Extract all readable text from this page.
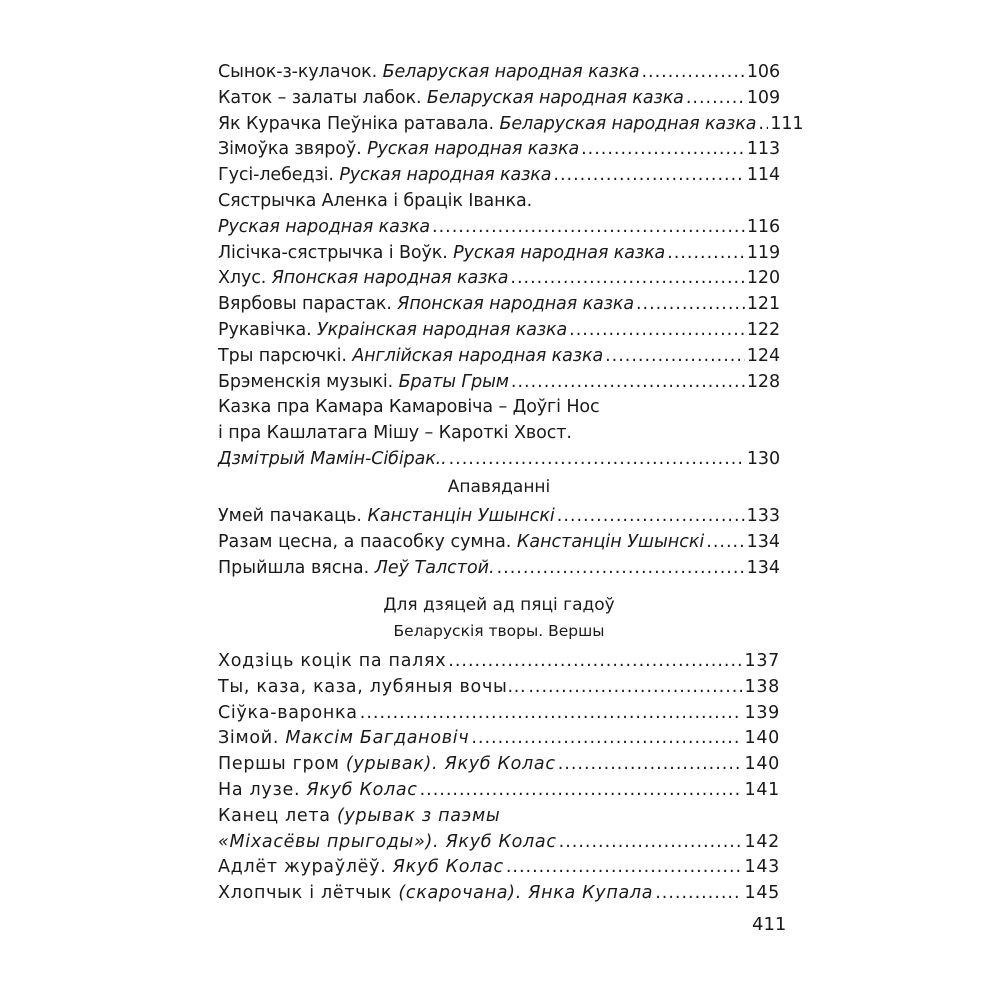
Сынок-з-кулачок. Беларуская народная казка .....	106
Каток – залаты лабок. Беларуская народная казка .....	109
Як Курачка Пеўніка ратавала. Беларуская народная казка ..... 111
Зімоўка звяроў. Руская народная казка .....	113
Гусі-лебедзі. Руская народная казка .....	114
Сястрычка Аленка і брацік Іванка.
Руская народная казка .....	116
Лісічка-сястрычка і Воўк. Руская народная казка .....	119
Хлус. Японская народная казка .....	120
Вярбовы парастак. Японская народная казка .....	121
Рукавічка. Украінская народная казка .....	122
Тры парсючкі. Англійская народная казка .....	124
Брэменскія музыкі. Браты Грым .....	128
Казка пра Камара Камаровіча – Доўгі Нос
і пра Кашлатага Мішу – Кароткі Хвост.
Дзмітрый Мамін-Сібірак.. .....	130
Апавяданні
Умей пачакаць. Канстанцін Ушынскі .....	133
Разам цесна, а паасобку сумна. Канстанцін Ушынскі ..... 134
Прыйшла вясна. Леў Талстой. .....	134
Для дзяцей ад пяці гадоў
Беларускія творы. Вершы
Ходзіць коцік па палях .....	137
Ты, каза, каза, лубяныя вочы... .....	138
Сіўка-варонка .....	139
Зімой. Максім Багдановіч .....	140
Першы гром (урывак). Якуб Колас .....	140
На лузе. Якуб Колас .....	141
Канец лета (урывак з паэмы
«Міхасёвы прыгоды»). Якуб Колас .....	142
Адлёт жураўлёў. Якуб Колас .....	143
Хлопчык і лётчык (скарочана). Янка Купала .....	145
411
